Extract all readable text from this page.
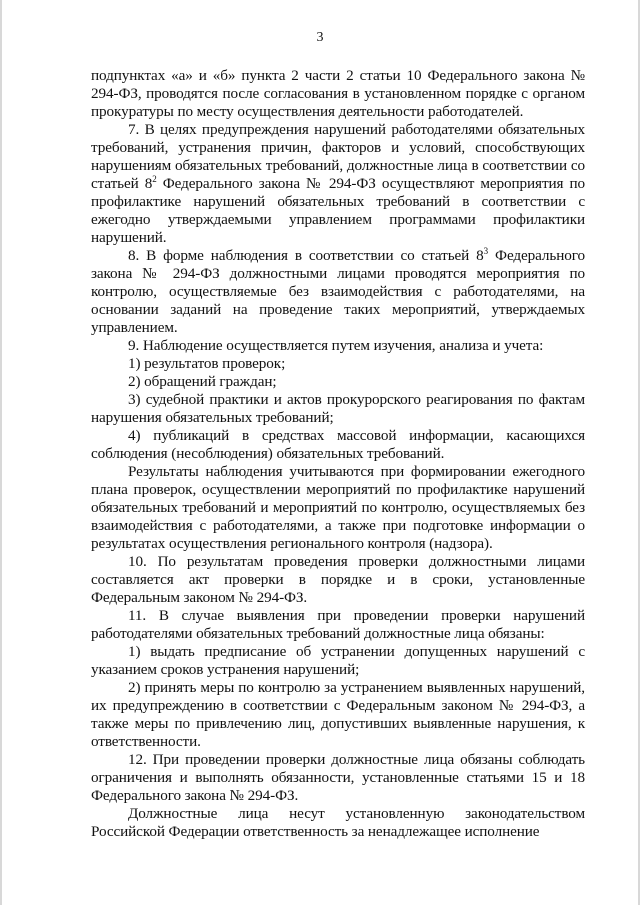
3

подпунктах «а» и «б» пункта 2 части 2 статьи 10 Федерального закона № 294-ФЗ, проводятся после согласования в установленном порядке с органом прокуратуры по месту осуществления деятельности работодателей.

7. В целях предупреждения нарушений работодателями обязательных требований, устранения причин, факторов и условий, способствующих нарушениям обязательных требований, должностные лица в соответствии со статьей $8^2$ Федерального закона № 294-ФЗ осуществляют мероприятия по профилактике нарушений обязательных требований в соответствии с ежегодно утверждаемыми управлением программами профилактики нарушений.

8. В форме наблюдения в соответствии со статьей $8^3$ Федерального закона № 294-ФЗ должностными лицами проводятся мероприятия по контролю, осуществляемые без взаимодействия с работодателями, на основании заданий на проведение таких мероприятий, утверждаемых управлением.

9. Наблюдение осуществляется путем изучения, анализа и учета:

1) результатов проверок;

2) обращений граждан;

3) судебной практики и актов прокурорского реагирования по фактам нарушения обязательных требований;

4) публикаций в средствах массовой информации, касающихся соблюдения (несоблюдения) обязательных требований.

Результаты наблюдения учитываются при формировании ежегодного плана проверок, осуществлении мероприятий по профилактике нарушений обязательных требований и мероприятий по контролю, осуществляемых без взаимодействия с работодателями, а также при подготовке информации о результатах осуществления регионального контроля (надзора).

10. По результатам проведения проверки должностными лицами составляется акт проверки в порядке и в сроки, установленные Федеральным законом № 294-ФЗ.

11. В случае выявления при проведении проверки нарушений работодателями обязательных требований должностные лица обязаны:

1) выдать предписание об устранении допущенных нарушений с указанием сроков устранения нарушений;

2) принять меры по контролю за устранением выявленных нарушений, их предупреждению в соответствии с Федеральным законом № 294-ФЗ, а также меры по привлечению лиц, допустивших выявленные нарушения, к ответственности.

12. При проведении проверки должностные лица обязаны соблюдать ограничения и выполнять обязанности, установленные статьями 15 и 18 Федерального закона № 294-ФЗ.

Должностные лица несут установленную законодательством Российской Федерации ответственность за ненадлежащее исполнение
